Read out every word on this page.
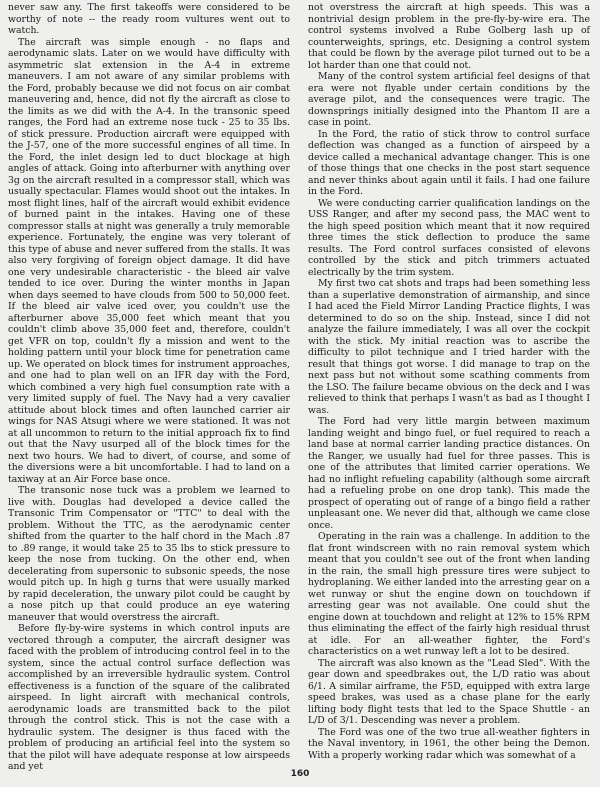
never saw any. The first takeoffs were considered to be worthy of note -- the ready room vultures went out to watch.

The aircraft was simple enough - no flaps and aerodynamic slats. Later on we would have difficulty with asymmetric slat extension in the A-4 in extreme maneuvers. I am not aware of any similar problems with the Ford, probably because we did not focus on air combat maneuvering and, hence, did not fly the aircraft as close to the limits as we did with the A-4. In the transonic speed ranges, the Ford had an extreme nose tuck - 25 to 35 lbs. of stick pressure. Production aircraft were equipped with the J-57, one of the more successful engines of all time. In the Ford, the inlet design led to duct blockage at high angles of attack. Going into afterburner with anything over 3g on the aircraft resulted in a compressor stall, which was usually spectacular. Flames would shoot out the intakes. In most flight lines, half of the aircraft would exhibit evidence of burned paint in the intakes. Having one of these compressor stalls at night was generally a truly memorable experience. Fortunately, the engine was very tolerant of this type of abuse and never suffered from the stalls. It was also very forgiving of foreign object damage. It did have one very undesirable characteristic - the bleed air valve tended to ice over. During the winter months in Japan when days seemed to have clouds from 500 to 50,000 feet. If the bleed air valve iced over, you couldn't use the afterburner above 35,000 feet which meant that you couldn't climb above 35,000 feet and, therefore, couldn't get VFR on top, couldn't fly a mission and went to the holding pattern until your block time for penetration came up. We operated on block times for instrument approaches, and one had to plan well on an IFR day with the Ford, which combined a very high fuel consumption rate with a very limited supply of fuel. The Navy had a very cavalier attitude about block times and often launched carrier air wings for NAS Atsugi where we were stationed. It was not at all uncommon to return to the initial approach fix to find out that the Navy usurped all of the block times for the next two hours. We had to divert, of course, and some of the diversions were a bit uncomfortable. I had to land on a taxiway at an Air Force base once.

The transonic nose tuck was a problem we learned to live with. Douglas had developed a device called the Transonic Trim Compensator or "TTC" to deal with the problem. Without the TTC, as the aerodynamic center shifted from the quarter to the half chord in the Mach .87 to .89 range, it would take 25 to 35 lbs to stick pressure to keep the nose from tucking. On the other end, when decelerating from supersonic to subsonic speeds, the nose would pitch up. In high g turns that were usually marked by rapid deceleration, the unwary pilot could be caught by a nose pitch up that could produce an eye watering maneuver that would overstress the aircraft.

Before fly-by-wire systems in which control inputs are vectored through a computer, the aircraft designer was faced with the problem of introducing control feel in to the system, since the actual control surface deflection was accomplished by an irreversible hydraulic system. Control effectiveness is a function of the square of the calibrated airspeed. In light aircraft with mechanical controls, aerodynamic loads are transmitted back to the pilot through the control stick. This is not the case with a hydraulic system. The designer is thus faced with the problem of producing an artificial feel into the system so that the pilot will have adequate response at low airspeeds and yet

not overstress the aircraft at high speeds. This was a nontrivial design problem in the pre-fly-by-wire era. The control systems involved a Rube Golberg lash up of counterweights, springs, etc. Designing a control system that could be flown by the average pilot turned out to be a lot harder than one that could not.

Many of the control system artificial feel designs of that era were not flyable under certain conditions by the average pilot, and the consequences were tragic. The downsprings initially designed into the Phantom II are a case in point.

In the Ford, the ratio of stick throw to control surface deflection was changed as a function of airspeed by a device called a mechanical advantage changer. This is one of those things that one checks in the post start sequence and never thinks about again until it fails. I had one failure in the Ford.

We were conducting carrier qualification landings on the USS Ranger, and after my second pass, the MAC went to the high speed position which meant that it now required three times the stick deflection to produce the same results. The Ford control surfaces consisted of elevons controlled by the stick and pitch trimmers actuated electrically by the trim system.

My first two cat shots and traps had been something less than a superlative demonstration of airmanship, and since I had aced the Field Mirror Landing Practice flights, I was determined to do so on the ship. Instead, since I did not analyze the failure immediately, I was all over the cockpit with the stick. My initial reaction was to ascribe the difficulty to pilot technique and I tried harder with the result that things got worse. I did manage to trap on the next pass but not without some scathing comments from the LSO. The failure became obvious on the deck and I was relieved to think that perhaps I wasn't as bad as I thought I was.

The Ford had very little margin between maximum landing weight and bingo fuel, or fuel required to reach a land base at normal carrier landing practice distances. On the Ranger, we usually had fuel for three passes. This is one of the attributes that limited carrier operations. We had no inflight refueling capability (although some aircraft had a refueling probe on one drop tank). This made the prospect of operating out of range of a bingo field a rather unpleasant one. We never did that, although we came close once.

Operating in the rain was a challenge. In addition to the flat front windscreen with no rain removal system which meant that you couldn't see out of the front when landing in the rain, the small high pressure tires were subject to hydroplaning. We either landed into the arresting gear on a wet runway or shut the engine down on touchdown if arresting gear was not available. One could shut the engine down at touchdown and relight at 12% to 15% RPM thus eliminating the effect of the fairly high residual thrust at idle. For an all-weather fighter, the Ford's characteristics on a wet runway left a lot to be desired.

The aircraft was also known as the "Lead Sled". With the gear down and speedbrakes out, the L/D ratio was about 6/1. A similar airframe, the F5D, equipped with extra large speed brakes, was used as a chase plane for the early lifting body flight tests that led to the Space Shuttle - an L/D of 3/1. Descending was never a problem.

The Ford was one of the two true all-weather fighters in the Naval inventory, in 1961, the other being the Demon. With a properly working radar which was somewhat of a

160
